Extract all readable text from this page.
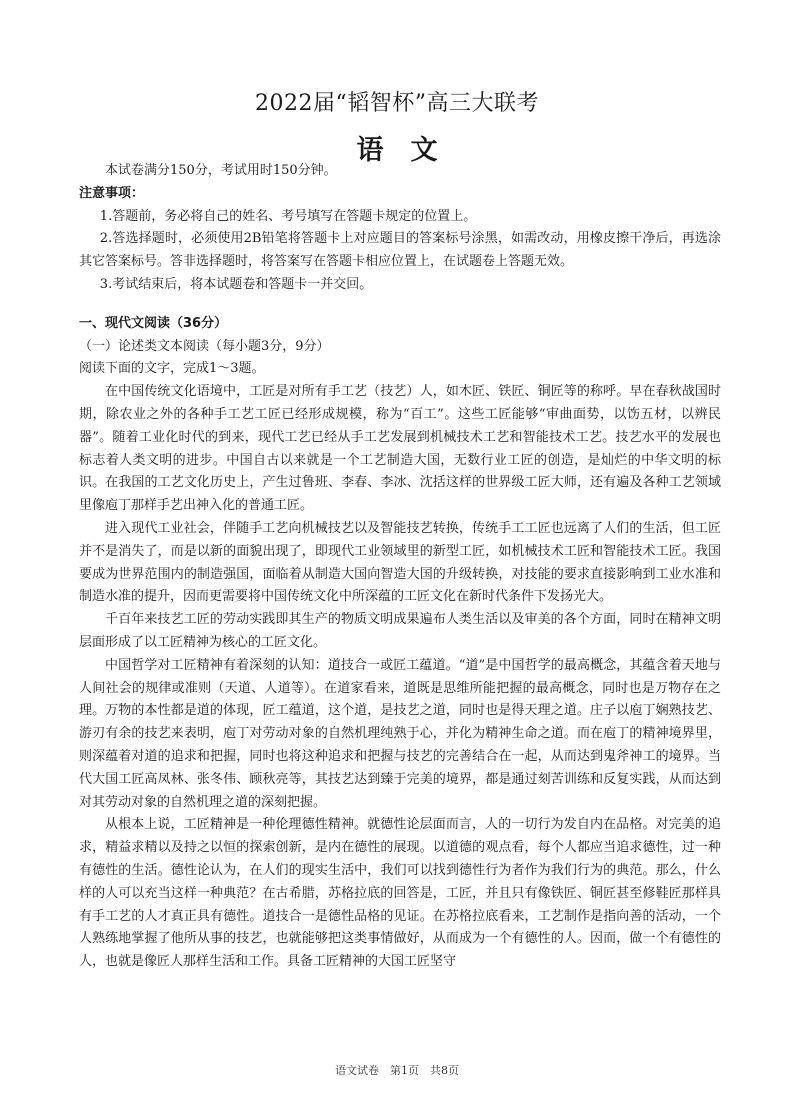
2022届“韬智杯”高三大联考
语　文

本试卷满分150分，考试用时150分钟。

注意事项：

1.答题前，务必将自己的姓名、考号填写在答题卡规定的位置上。

2.答选择题时，必须使用2B铅笔将答题卡上对应题目的答案标号涂黑，如需改动，用橡皮擦干净后，再选涂其它答案标号。答非选择题时，将答案写在答题卡相应位置上，在试题卷上答题无效。

3.考试结束后，将本试题卷和答题卡一并交回。

一、现代文阅读（36分）

（一）论述类文本阅读（每小题3分，9分）

阅读下面的文字，完成1～3题。

在中国传统文化语境中，工匠是对所有手工艺（技艺）人，如木匠、铁匠、铜匠等的称呼。早在春秋战国时期，除农业之外的各种手工艺工匠已经形成规模，称为“百工”。这些工匠能够“审曲面势，以饬五材，以辨民器”。随着工业化时代的到来，现代工艺已经从手工艺发展到机械技术工艺和智能技术工艺。技艺水平的发展也标志着人类文明的进步。中国自古以来就是一个工艺制造大国，无数行业工匠的创造，是灿烂的中华文明的标识。在我国的工艺文化历史上，产生过鲁班、李春、李冰、沈括这样的世界级工匠大师，还有遍及各种工艺领域里像庖丁那样手艺出神入化的普通工匠。

进入现代工业社会，伴随手工艺向机械技艺以及智能技艺转换，传统手工工匠也远离了人们的生活，但工匠并不是消失了，而是以新的面貌出现了，即现代工业领域里的新型工匠，如机械技术工匠和智能技术工匠。我国要成为世界范围内的制造强国，面临着从制造大国向智造大国的升级转换，对技能的要求直接影响到工业水准和制造水准的提升，因而更需要将中国传统文化中所深蕴的工匠文化在新时代条件下发扬光大。

千百年来技艺工匠的劳动实践即其生产的物质文明成果遍布人类生活以及审美的各个方面，同时在精神文明层面形成了以工匠精神为核心的工匠文化。

中国哲学对工匠精神有着深刻的认知：道技合一或匠工蕴道。“道”是中国哲学的最高概念，其蕴含着天地与人间社会的规律或准则（天道、人道等）。在道家看来，道既是思维所能把握的最高概念，同时也是万物存在之理。万物的本性都是道的体现，匠工蕴道，这个道，是技艺之道，同时也是得天理之道。庄子以庖丁娴熟技艺、游刃有余的技艺来表明，庖丁对劳动对象的自然机理纯熟于心，并化为精神生命之道。而在庖丁的精神境界里，则深蕴着对道的追求和把握，同时也将这种追求和把握与技艺的完善结合在一起，从而达到鬼斧神工的境界。当代大国工匠高凤林、张冬伟、顾秋亮等，其技艺达到臻于完美的境界，都是通过刻苦训练和反复实践，从而达到对其劳动对象的自然机理之道的深刻把握。

从根本上说，工匠精神是一种伦理德性精神。就德性论层面而言，人的一切行为发自内在品格。对完美的追求，精益求精以及持之以恒的探索创新，是内在德性的展现。以道德的观点看，每个人都应当追求德性，过一种有德性的生活。德性论认为，在人们的现实生活中，我们可以找到德性行为者作为我们行为的典范。那么，什么样的人可以充当这样一种典范？在古希腊，苏格拉底的回答是，工匠，并且只有像铁匠、铜匠甚至修鞋匠那样具有手工艺的人才真正具有德性。道技合一是德性品格的见证。在苏格拉底看来，工艺制作是指向善的活动，一个人熟练地掌握了他所从事的技艺，也就能够把这类事情做好，从而成为一个有德性的人。因而，做一个有德性的人，也就是像匠人那样生活和工作。具备工匠精神的大国工匠坚守

语文试卷　第1页　共8页
